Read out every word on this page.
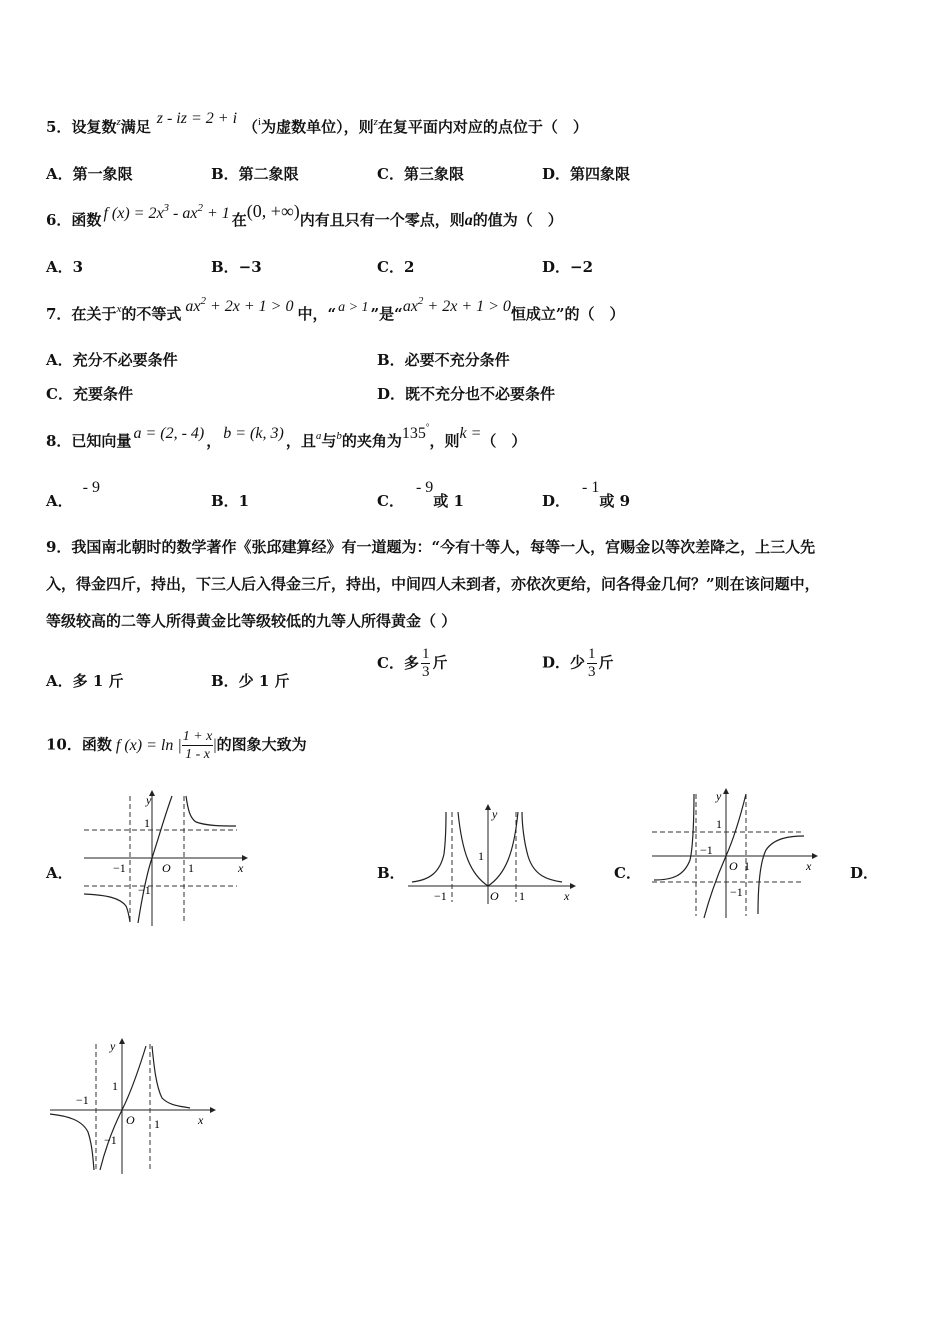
5．设复数$^z$满足 z - iz = 2 + i （$^i$为虚数单位），则$^z$在复平面内对应的点位于（　）
A．第一象限	B．第二象限	C．第三象限	D．第四象限
6．函数 f $(x) = 2x^3 - ax^2 + 1$ 在(0, +∞)内有且只有一个零点，则a的值为（　）
A．3	B．−3	C．2	D．−2
7．在关于$^x$的不等式 $ax^2 + 2x + 1 > 0$ 中，“ a > 1 ”是“$ax^2 + 2x + 1 > 0$恒成立”的（　）
A．充分不必要条件	B．必要不充分条件
C．充要条件	D．既不充分也不必要条件
8．已知向量 a = (2, - 4) ， b = (k, 3) ，且$^a$与$^b$的夹角为135°，则k =（　）
A．- 9
B．1	C．- 9或 1	D．- 1或 9
9．我国南北朝时的数学著作《张邱建算经》有一道题为：“今有十等人，每等一人，宫赐金以等次差降之，上三人先
入，得金四斤，持出，下三人后入得金三斤，持出，中间四人未到者，亦依次更给，问各得金几何？”则在该问题中，
等级较高的二等人所得黄金比等级较低的九等人所得黄金（ ）
A．多 1 斤	B．少 1 斤
C．多 $\frac{1}{3}$ 斤	D．少 $\frac{1}{3}$ 斤
10．函数 f (x) = ln | $\frac{1 + x}{1 - x}$ |的图象大致为
A．	B．	C．	D．
y
x
O
1
1
−1
−1
y
x
O
1
1
−1
y
x
O
1
1
−1
−1
y
x
O
1
1
−1
−1
